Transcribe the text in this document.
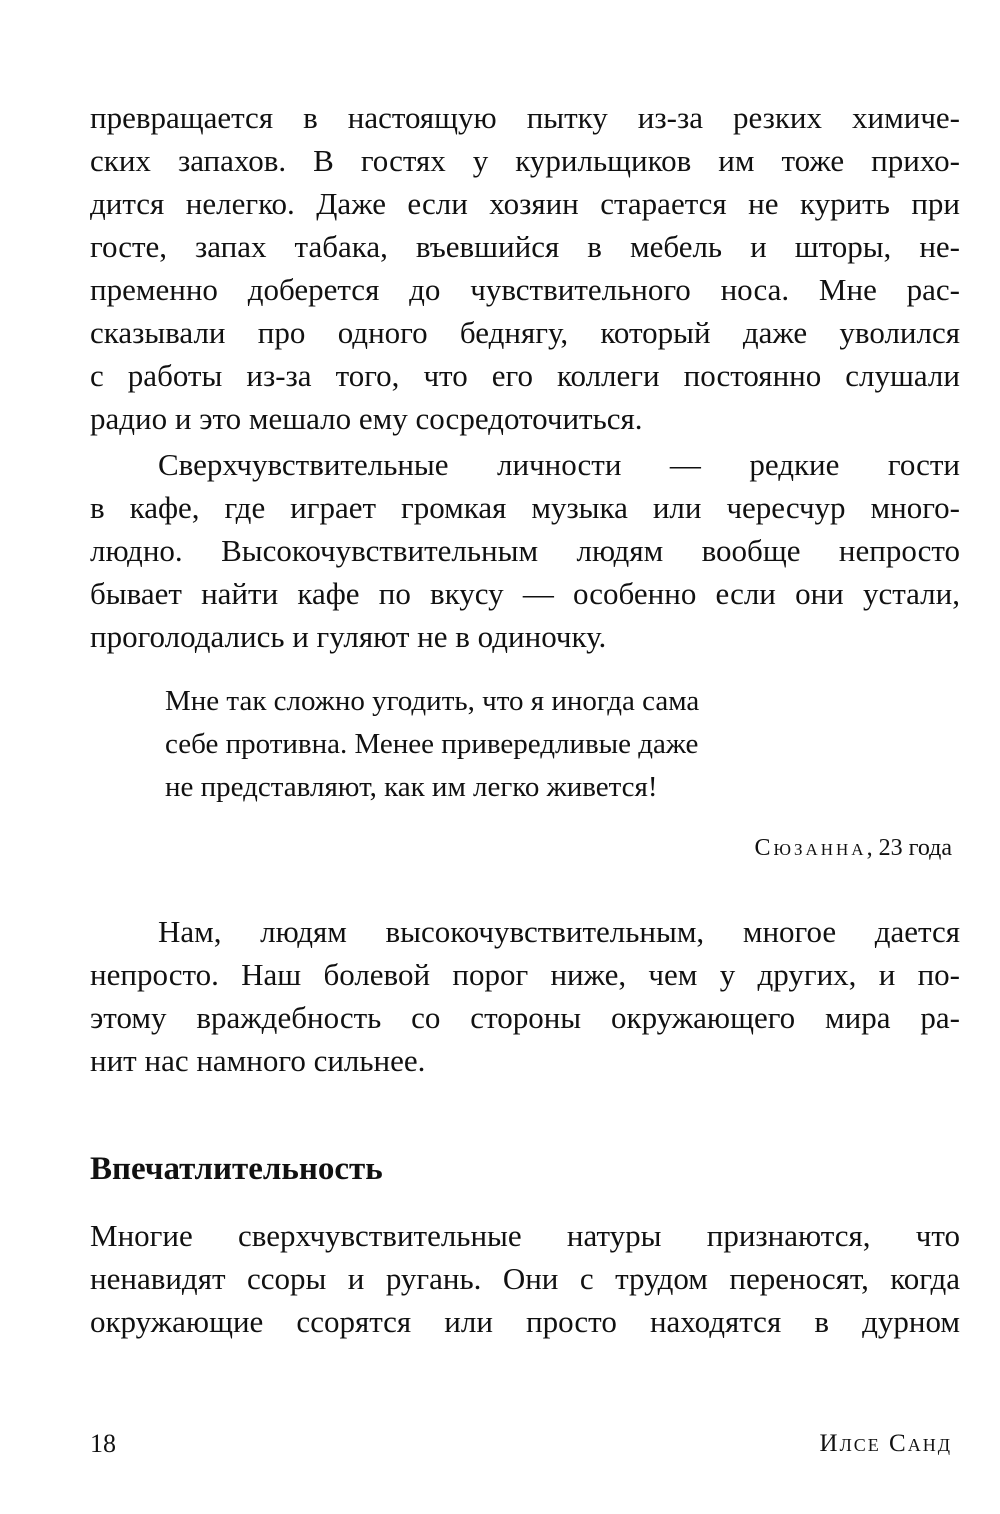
превращается в настоящую пытку из-за резких химиче-
ских запахов. В гостях у курильщиков им тоже прихо-
дится нелегко. Даже если хозяин старается не курить при
госте, запах табака, въевшийся в мебель и шторы, не-
пременно доберется до чувствительного носа. Мне рас-
сказывали про одного беднягу, который даже уволился
с работы из-за того, что его коллеги постоянно слушали
радио и это мешало ему сосредоточиться.
Сверхчувствительные личности — редкие гости
в кафе, где играет громкая музыка или чересчур много-
людно. Высокочувствительным людям вообще непросто
бывает найти кафе по вкусу — особенно если они устали,
проголодались и гуляют не в одиночку.
Мне так сложно угодить, что я иногда сама
себе противна. Менее привередливые даже
не представляют, как им легко живется!
Сюзанна, 23 года
Нам, людям высокочувствительным, многое дается
непросто. Наш болевой порог ниже, чем у других, и по-
этому враждебность со стороны окружающего мира ра-
нит нас намного сильнее.
Впечатлительность
Многие сверхчувствительные натуры признаются, что
ненавидят ссоры и ругань. Они с трудом переносят, когда
окружающие ссорятся или просто находятся в дурном
18	Илсе Санд
